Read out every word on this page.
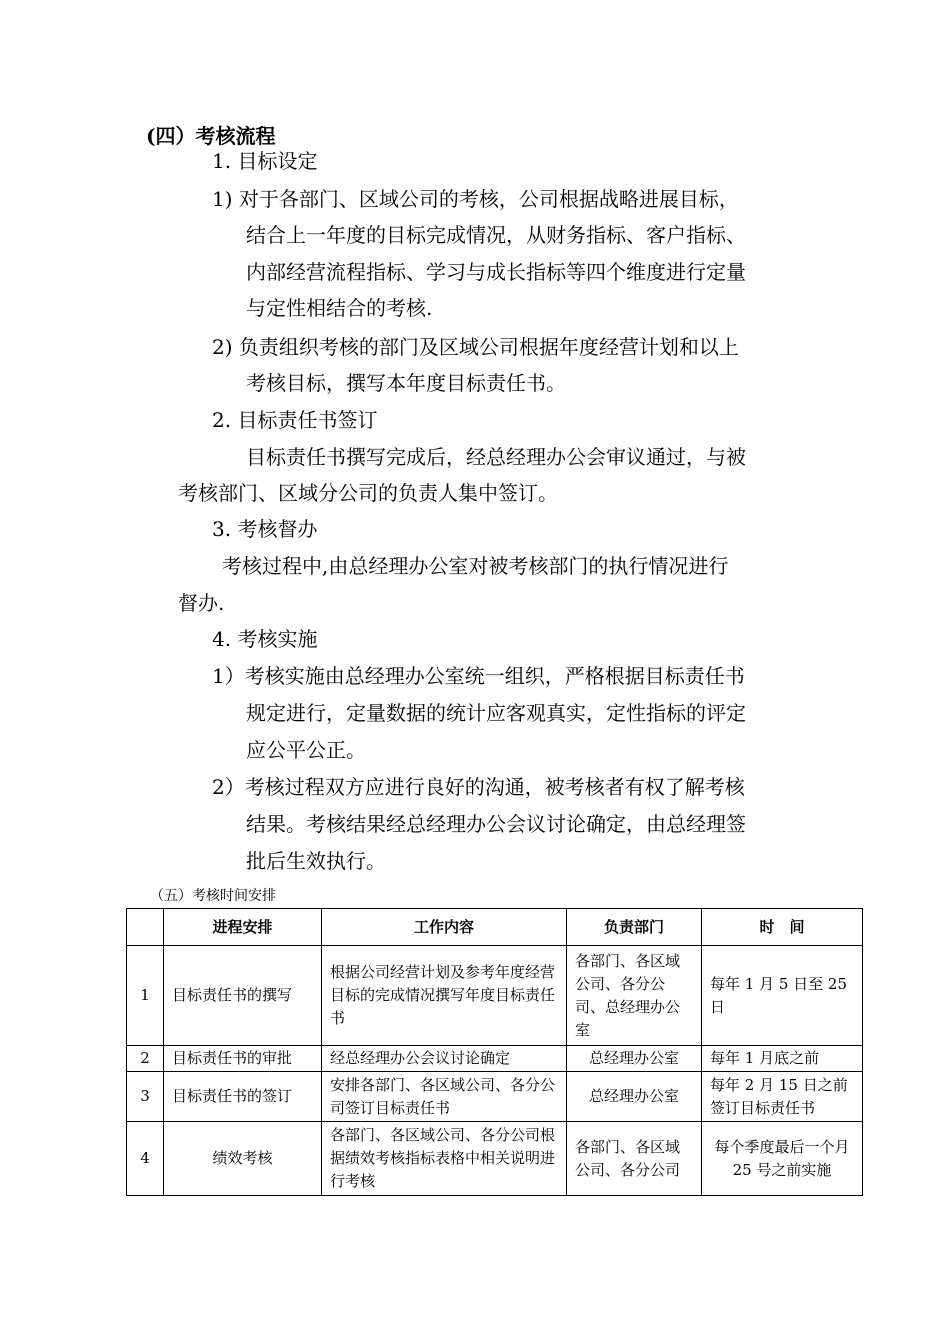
(四）考核流程
1. 目标设定
1) 对于各部门、区域公司的考核，公司根据战略进展目标，
结合上一年度的目标完成情况，从财务指标、客户指标、
内部经营流程指标、学习与成长指标等四个维度进行定量
与定性相结合的考核.
2) 负责组织考核的部门及区域公司根据年度经营计划和以上
考核目标，撰写本年度目标责任书。
2. 目标责任书签订
目标责任书撰写完成后，经总经理办公会审议通过，与被
考核部门、区域分公司的负责人集中签订。
3. 考核督办
考核过程中,由总经理办公室对被考核部门的执行情况进行
督办.
4. 考核实施
1）考核实施由总经理办公室统一组织，严格根据目标责任书
规定进行，定量数据的统计应客观真实，定性指标的评定
应公平公正。
2）考核过程双方应进行良好的沟通，被考核者有权了解考核
结果。考核结果经总经理办公会议讨论确定，由总经理签
批后生效执行。
（五）考核时间安排
	进程安排	工作内容	负责部门	时　间
1	目标责任书的撰写	根据公司经营计划及参考年度经营目标的完成情况撰写年度目标责任书	各部门、各区域公司、各分公司、总经理办公室	每年 1 月 5 日至 25 日
2	目标责任书的审批	经总经理办公会议讨论确定	总经理办公室	每年 1 月底之前
3	目标责任书的签订	安排各部门、各区域公司、各分公司签订目标责任书	总经理办公室	每年 2 月 15 日之前签订目标责任书
4	绩效考核	各部门、各区域公司、各分公司根据绩效考核指标表格中相关说明进行考核	各部门、各区域公司、各分公司	每个季度最后一个月 25 号之前实施
